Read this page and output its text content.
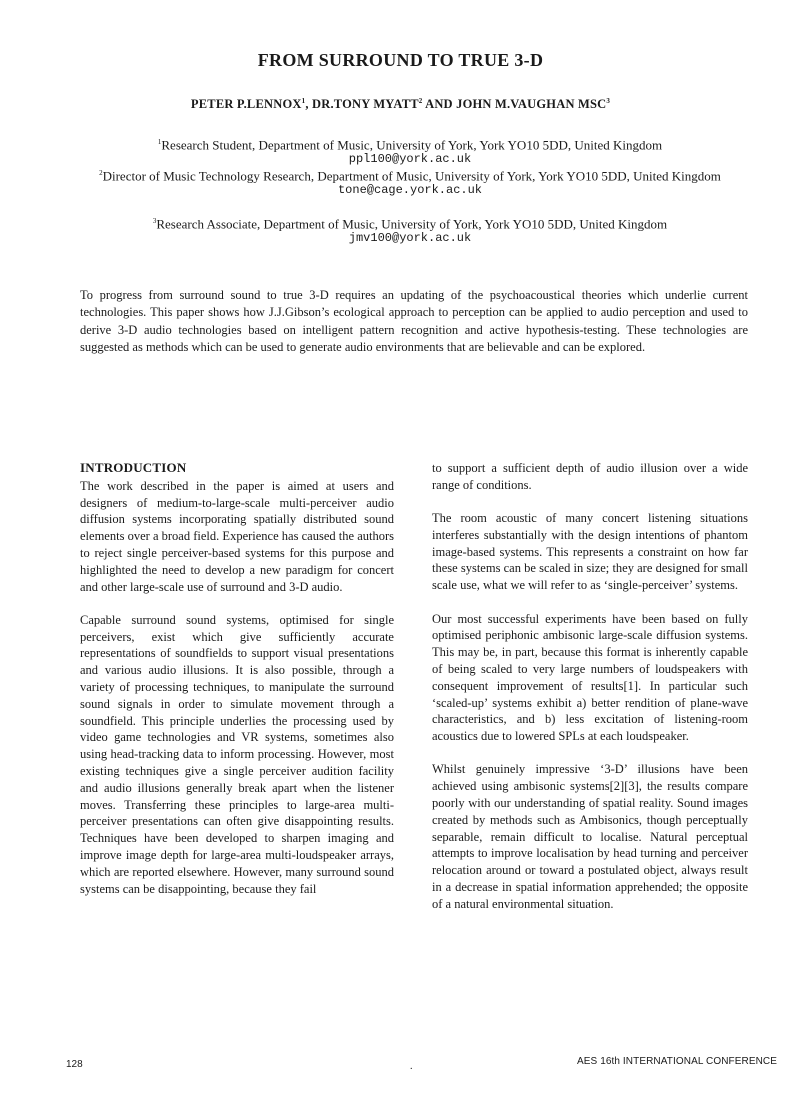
FROM SURROUND TO TRUE 3-D
PETER P.LENNOX$^1$, DR.TONY MYATT$^2$ AND JOHN M.VAUGHAN MSC$^3$
$^1$Research Student, Department of Music, University of York, York YO10 5DD, United Kingdom
ppl100@york.ac.uk
$^2$Director of Music Technology Research, Department of Music, University of York, York YO10 5DD, United Kingdom
tone@cage.york.ac.uk
$^3$Research Associate, Department of Music, University of York, York YO10 5DD, United Kingdom
jmv100@york.ac.uk
To progress from surround sound to true 3-D requires an updating of the psychoacoustical theories which underlie current technologies. This paper shows how J.J.Gibson’s ecological approach to perception can be applied to audio perception and used to derive 3-D audio technologies based on intelligent pattern recognition and active hypothesis-testing. These technologies are suggested as methods which can be used to generate audio environments that are believable and can be explored.
INTRODUCTION

The work described in the paper is aimed at users and designers of medium-to-large-scale multi-perceiver audio diffusion systems incorporating spatially distributed sound elements over a broad field. Experience has caused the authors to reject single perceiver-based systems for this purpose and highlighted the need to develop a new paradigm for concert and other large-scale use of surround and 3-D audio.

Capable surround sound systems, optimised for single perceivers, exist which give sufficiently accurate representations of soundfields to support visual presentations and various audio illusions. It is also possible, through a variety of processing techniques, to manipulate the surround sound signals in order to simulate movement through a soundfield. This principle underlies the processing used by video game technologies and VR systems, sometimes also using head-tracking data to inform processing. However, most existing techniques give a single perceiver audition facility and audio illusions generally break apart when the listener moves. Transferring these principles to large-area multi-perceiver presentations can often give disappointing results. Techniques have been developed to sharpen imaging and improve image depth for large-area multi-loudspeaker arrays, which are reported elsewhere. However, many surround sound systems can be disappointing, because they fail

to support a sufficient depth of audio illusion over a wide range of conditions.

The room acoustic of many concert listening situations interferes substantially with the design intentions of phantom image-based systems. This represents a constraint on how far these systems can be scaled in size; they are designed for small scale use, what we will refer to as ‘single-perceiver’ systems.

Our most successful experiments have been based on fully optimised periphonic ambisonic large-scale diffusion systems. This may be, in part, because this format is inherently capable of being scaled to very large numbers of loudspeakers with consequent improvement of results[1]. In particular such ‘scaled-up’ systems exhibit a) better rendition of plane-wave characteristics, and b) less excitation of listening-room acoustics due to lowered SPLs at each loudspeaker.

Whilst genuinely impressive ‘3-D’ illusions have been achieved using ambisonic systems[2][3], the results compare poorly with our understanding of spatial reality. Sound images created by methods such as Ambisonics, though perceptually separable, remain difficult to localise. Natural perceptual attempts to improve localisation by head turning and perceiver relocation around or toward a postulated object, always result in a decrease in spatial information apprehended; the opposite of a natural environmental situation.

128	.	AES 16th INTERNATIONAL CONFERENCE
